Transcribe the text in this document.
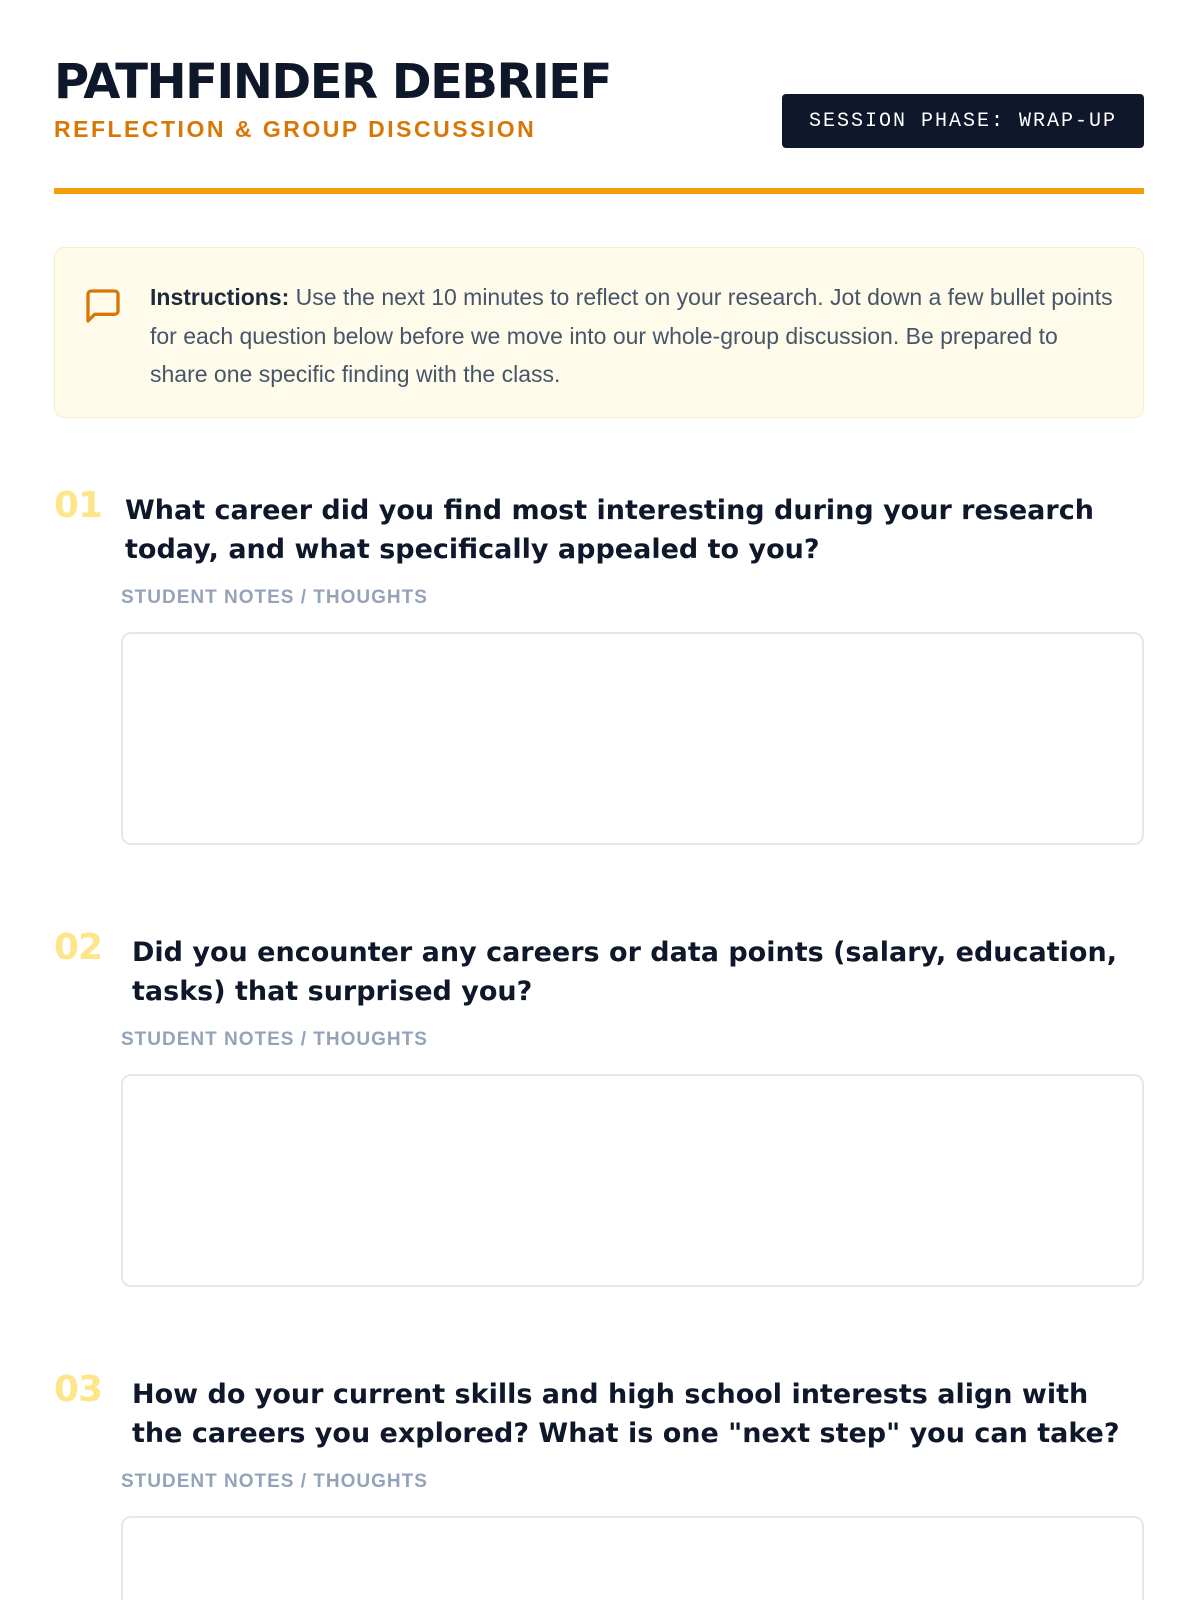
PATHFINDER DEBRIEF
REFLECTION & GROUP DISCUSSION	SESSION PHASE: WRAP-UP

Instructions: Use the next 10 minutes to reflect on your research. Jot down a few bullet points for each question below before we move into our whole-group discussion. Be prepared to share one specific finding with the class.

01 What career did you find most interesting during your research today, and what specifically appealed to you?
STUDENT NOTES / THOUGHTS
02 Did you encounter any careers or data points (salary, education, tasks) that surprised you?
STUDENT NOTES / THOUGHTS
03 How do your current skills and high school interests align with the careers you explored? What is one "next step" you can take?
STUDENT NOTES / THOUGHTS
